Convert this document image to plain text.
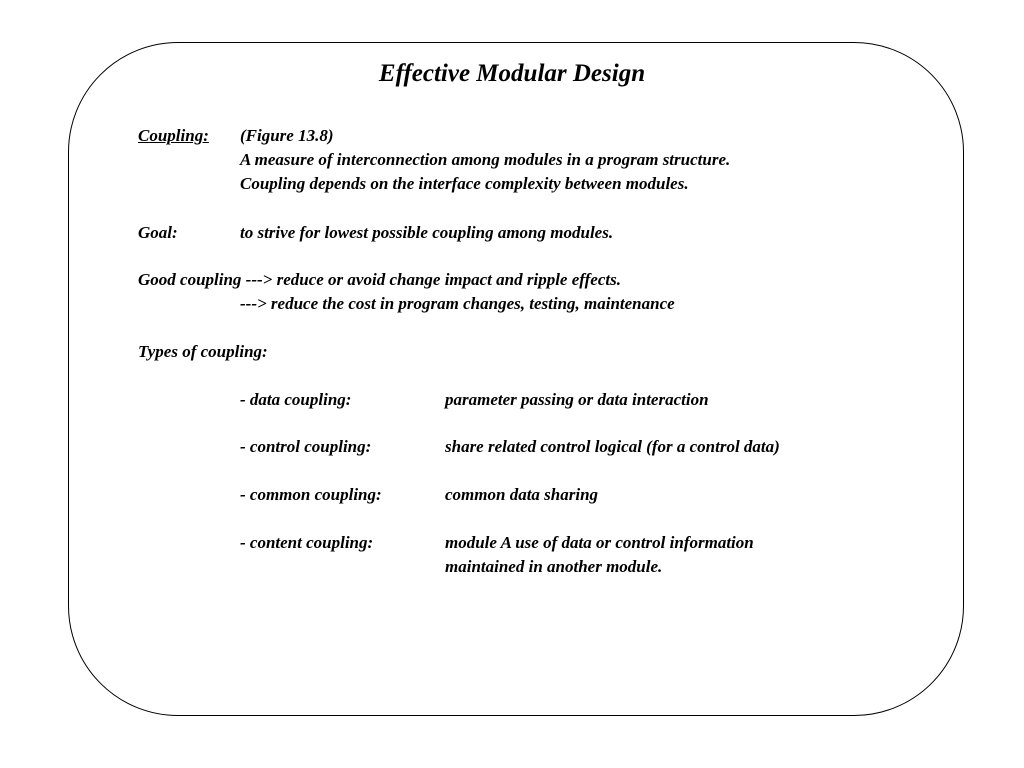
Effective Modular Design

Coupling: (Figure 13.8)

A measure of interconnection among modules in a program structure.

Coupling depends on the interface complexity between modules.

Goal:	to strive for lowest possible coupling among modules.

Good coupling ---> reduce or avoid change impact and ripple effects.

---> reduce the cost in program changes, testing, maintenance

Types of coupling:

- data coupling:	parameter passing or data interaction

- control coupling:	share related control logical (for a control data)

- common coupling:	common data sharing

- content coupling:	module A use of data or control information

maintained in another module.
